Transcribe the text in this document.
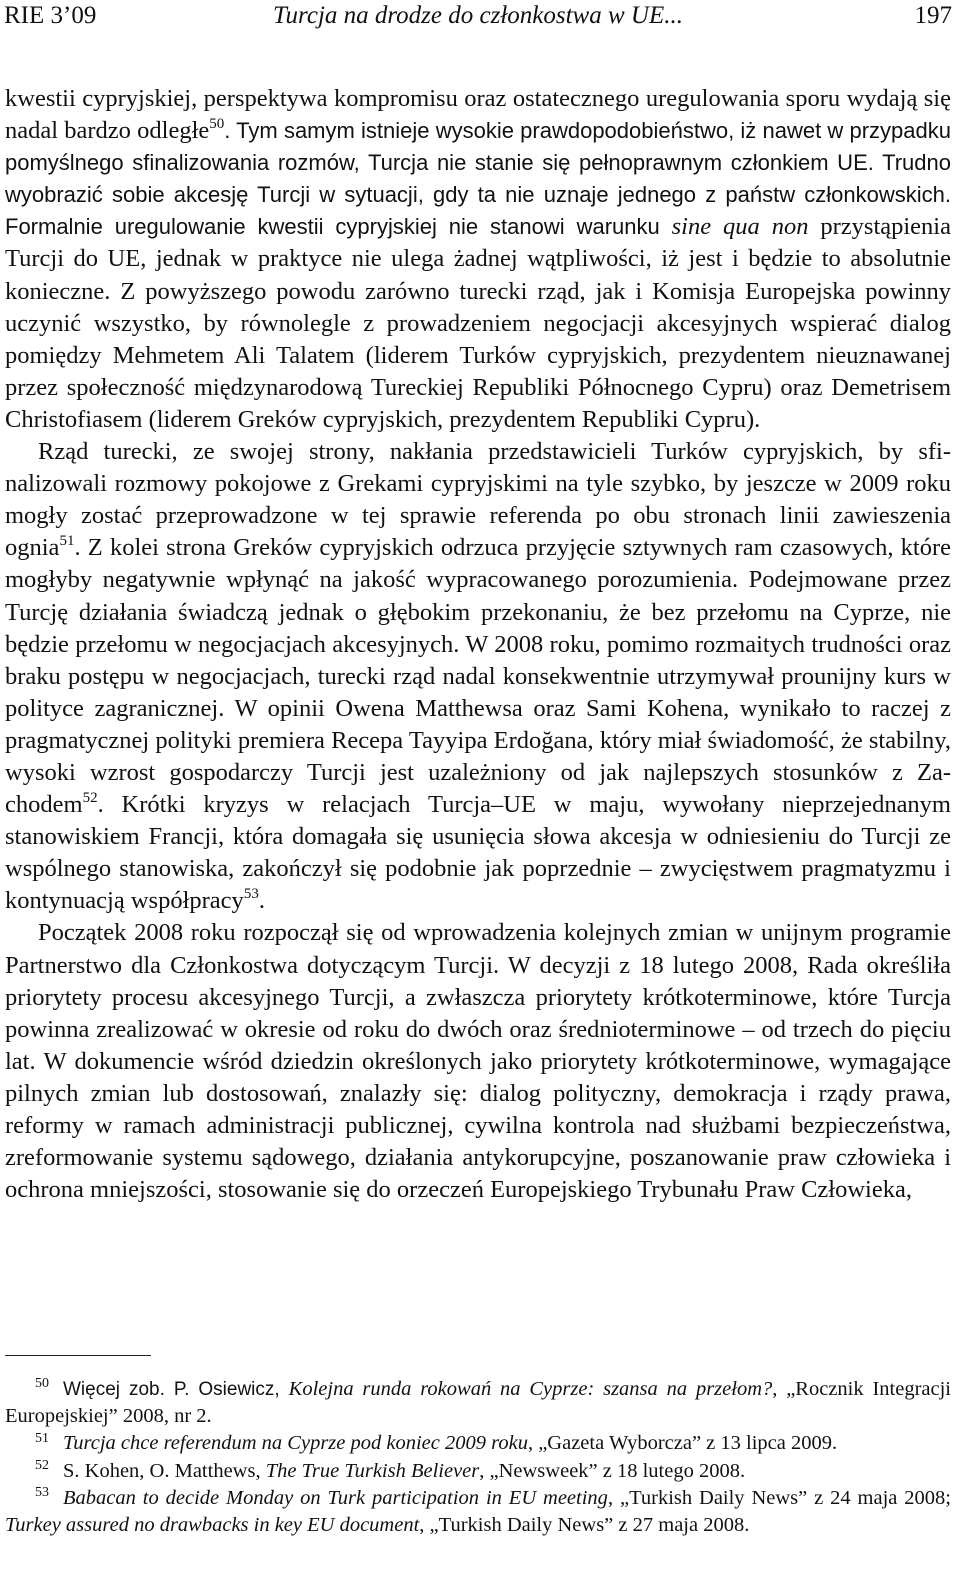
RIE 3’09	Turcja na drodze do członkostwa w UE...	197

kwestii cypryjskiej, perspektywa kompromisu oraz ostatecznego uregulowania sporu wydają się nadal bardzo odległe$^{50}$. Tym samym istnieje wysokie prawdopodobieństwo, iż nawet w przypadku pomyślnego sfinalizowania rozmów, Turcja nie stanie się pełnoprawnym członkiem UE. Trudno wyobrazić sobie akcesję Turcji w sytuacji, gdy ta nie uznaje jednego z państw członkowskich. Formalnie uregulowanie kwestii cypryjskiej nie stanowi warunku sine qua non przystąpienia Turcji do UE, jednak w praktyce nie ulega żadnej wątpliwości, iż jest i będzie to absolutnie konieczne. Z powyższego powodu zarówno turecki rząd, jak i Komisja Europejska powinny uczynić wszystko, by równolegle z prowadzeniem negocjacji akcesyjnych wspierać dialog pomiędzy Mehmetem Ali Talatem (liderem Turków cypryjskich, prezydentem nieuznawanej przez społeczność międzynarodową Tureckiej Republiki Północnego Cypru) oraz Demetrisem Christofiasem (liderem Greków cypryjskich, prezydentem Republiki Cypru).

Rząd turecki, ze swojej strony, nakłania przedstawicieli Turków cypryjskich, by sfinalizowali rozmowy pokojowe z Grekami cypryjskimi na tyle szybko, by jeszcze w 2009 roku mogły zostać przeprowadzone w tej sprawie referenda po obu stronach linii zawieszenia ognia$^{51}$. Z kolei strona Greków cypryjskich odrzuca przyjęcie sztywnych ram czasowych, które mogłyby negatywnie wpłynąć na jakość wypracowanego porozumienia. Podejmowane przez Turcję działania świadczą jednak o głębokim przekonaniu, że bez przełomu na Cyprze, nie będzie przełomu w negocjacjach akcesyjnych. W 2008 roku, pomimo rozmaitych trudności oraz braku postępu w negocjacjach, turecki rząd nadal konsekwentnie utrzymywał prounijny kurs w polityce zagranicznej. W opinii Owena Matthewsa oraz Sami Kohena, wynikało to raczej z pragmatycznej polityki premiera Recepa Tayyipa Erdoğana, który miał świadomość, że stabilny, wysoki wzrost gospodarczy Turcji jest uzależniony od jak najlepszych stosunków z Zachodem$^{52}$. Krótki kryzys w relacjach Turcja–UE w maju, wywołany nieprzejednanym stanowiskiem Francji, która domagała się usunięcia słowa akcesja w odniesieniu do Turcji ze wspólnego stanowiska, zakończył się podobnie jak poprzednie – zwycięstwem pragmatyzmu i kontynuacją współpracy$^{53}$.

Początek 2008 roku rozpoczął się od wprowadzenia kolejnych zmian w unijnym programie Partnerstwo dla Członkostwa dotyczącym Turcji. W decyzji z 18 lutego 2008, Rada określiła priorytety procesu akcesyjnego Turcji, a zwłaszcza priorytety krótkoterminowe, które Turcja powinna zrealizować w okresie od roku do dwóch oraz średnioterminowe – od trzech do pięciu lat. W dokumencie wśród dziedzin określonych jako priorytety krótkoterminowe, wymagające pilnych zmian lub dostosowań, znalazły się: dialog polityczny, demokracja i rządy prawa, reformy w ramach administracji publicznej, cywilna kontrola nad służbami bezpieczeństwa, zreformowanie systemu sądowego, działania antykorupcyjne, poszanowanie praw człowieka i ochrona mniejszości, stosowanie się do orzeczeń Europejskiego Trybunału Praw Człowieka,

50 Więcej zob. P. Osiewicz, Kolejna runda rokowań na Cyprze: szansa na przełom?, „Rocznik Integracji Europejskiej” 2008, nr 2.

51 Turcja chce referendum na Cyprze pod koniec 2009 roku, „Gazeta Wyborcza” z 13 lipca 2009.

52 S. Kohen, O. Matthews, The True Turkish Believer, „Newsweek” z 18 lutego 2008.

53 Babacan to decide Monday on Turk participation in EU meeting, „Turkish Daily News” z 24 maja 2008; Turkey assured no drawbacks in key EU document, „Turkish Daily News” z 27 maja 2008.
